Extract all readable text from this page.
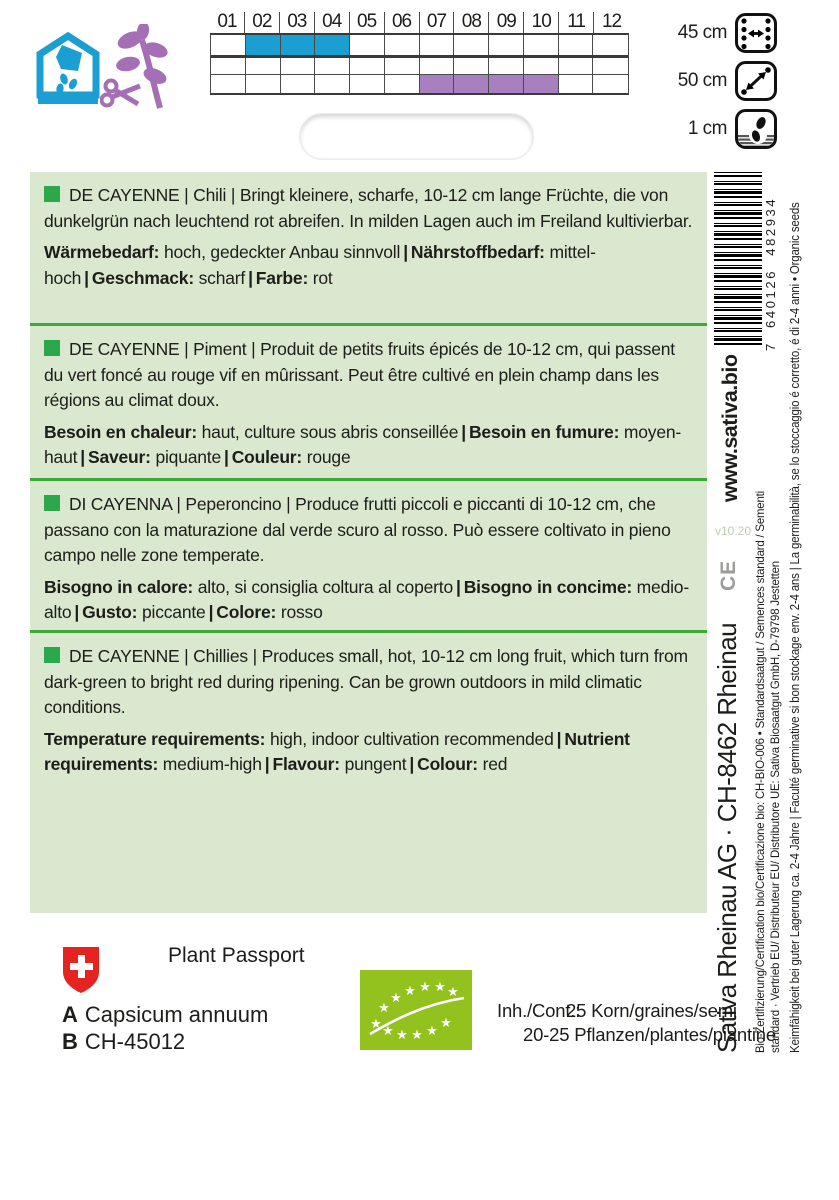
01 02 03 04 05 06 07 08 09 10 11 12
45 cm
50 cm
1 cm

DE CAYENNE | Chili | Bringt kleinere, scharfe, 10-12 cm lange Früchte, die von dunkelgrün nach leuchtend rot abreifen. In milden Lagen auch im Freiland kultivierbar.

Wärmebedarf: hoch, gedeckter Anbau sinnvoll | Nährstoffbedarf: mittel-hoch | Geschmack: scharf | Farbe: rot

DE CAYENNE | Piment | Produit de petits fruits épicés de 10-12 cm, qui passent du vert foncé au rouge vif en mûrissant. Peut être cultivé en plein champ dans les régions au climat doux.

Besoin en chaleur: haut, culture sous abris conseillée | Besoin en fumure: moyen-haut | Saveur: piquante | Couleur: rouge

DI CAYENNA | Peperoncino | Produce frutti piccoli e piccanti di 10-12 cm, che passano con la maturazione dal verde scuro al rosso. Può essere coltivato in pieno campo nelle zone temperate.

Bisogno in calore: alto, si consiglia coltura al coperto | Bisogno in concime: medio-alto | Gusto: piccante | Colore: rosso

DE CAYENNE | Chillies | Produces small, hot, 10-12 cm long fruit, which turn from dark-green to bright red during ripening. Can be grown outdoors in mild climatic conditions.

Temperature requirements: high, indoor cultivation recommended | Nutrient requirements: medium-high | Flavour: pungent | Colour: red	Sativa Rheinau AG · CH-8462 Rheinau
CE
v10.20
www.sativa.bio
7 640126 482934
Bio-Zertifizierung/Certification bio/Certificazione bio: CH-BIO-006 • Standardsaatgut / Semences standard / Sementi standard · Vertrieb EU/ Distributeur EU/ Distributore UE: Sativa Biosaatgut GmbH, D-79798 Jestetten Keimfähigkeit bei guter Lagerung ca. 2-4 Jahre | Faculté germinative si bon stockage env. 2-4 ans | La germinabilità, se lo stoccaggio é corretto, é di 2-4 anni • Organic seeds
Plant Passport
A Capsicum annuum
B CH-45012
★
★ ★ ★ ★ ★
★ ★ ★ ★ ★
★
Inh./Cont.:
25 Korn/graines/semi
20-25 Pflanzen/plantes/piantine
